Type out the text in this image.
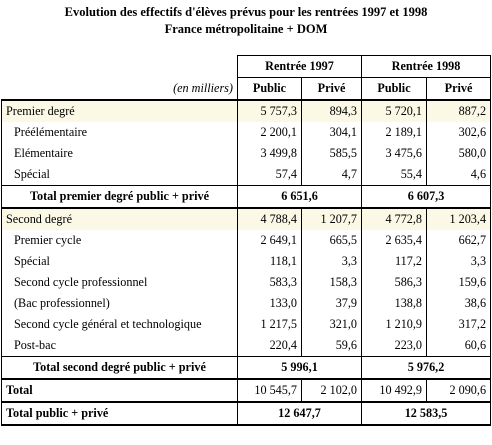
Evolution des effectifs d'élèves prévus pour les rentrées 1997 et 1998
France métropolitaine + DOM
	Rentrée 1997		Rentrée 1998	
(en milliers)	Public	Privé	Public	Privé
Premier degré	5 757,3	894,3	5 720,1	887,2
Préélémentaire	2 200,1	304,1	2 189,1	302,6
Elémentaire	3 499,8	585,5	3 475,6	580,0
Spécial	57,4	4,7	55,4	4,6
Total premier degré public + privé	6 651,6		6 607,3	
Second degré	4 788,4	1 207,7	4 772,8	1 203,4
Premier cycle	2 649,1	665,5	2 635,4	662,7
Spécial	118,1	3,3	117,2	3,3
Second cycle professionnel	583,3	158,3	586,3	159,6
(Bac professionnel)	133,0	37,9	138,8	38,6
Second cycle général et technologique	1 217,5	321,0	1 210,9	317,2
Post-bac	220,4	59,6	223,0	60,6
Total second degré public + privé	5 996,1		5 976,2	
Total	10 545,7	2 102,0	10 492,9	2 090,6
Total public + privé	12 647,7		12 583,5	
